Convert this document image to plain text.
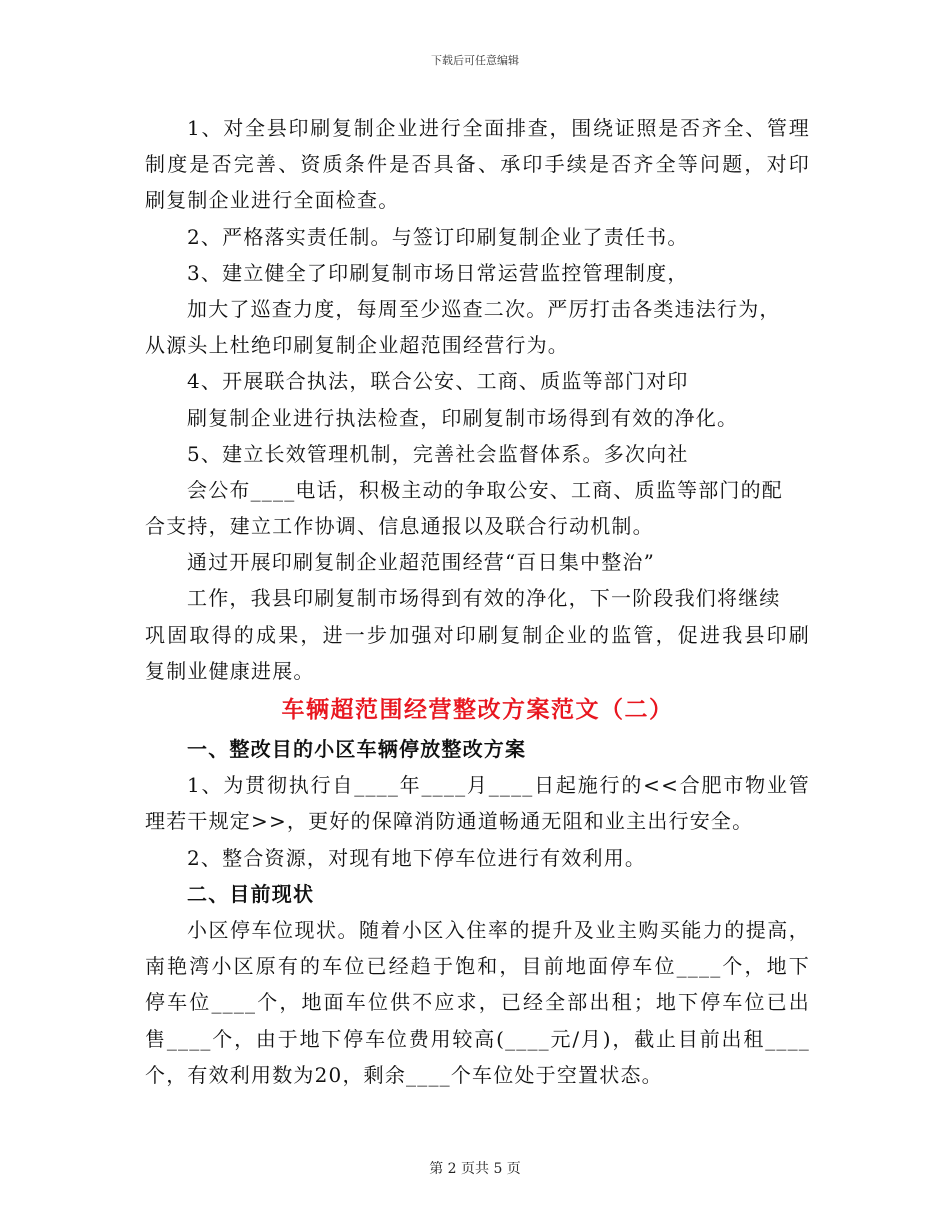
下载后可任意编辑
1、对全县印刷复制企业进行全面排查，围绕证照是否齐全、管理
制度是否完善、资质条件是否具备、承印手续是否齐全等问题，对印
刷复制企业进行全面检查。
2、严格落实责任制。与签订印刷复制企业了责任书。
3、建立健全了印刷复制市场日常运营监控管理制度，
加大了巡查力度，每周至少巡查二次。严厉打击各类违法行为，
从源头上杜绝印刷复制企业超范围经营行为。
4、开展联合执法，联合公安、工商、质监等部门对印
刷复制企业进行执法检查，印刷复制市场得到有效的净化。
5、建立长效管理机制，完善社会监督体系。多次向社
会公布____电话，积极主动的争取公安、工商、质监等部门的配
合支持，建立工作协调、信息通报以及联合行动机制。
通过开展印刷复制企业超范围经营“百日集中整治”
工作，我县印刷复制市场得到有效的净化，下一阶段我们将继续
巩固取得的成果，进一步加强对印刷复制企业的监管，促进我县印刷
复制业健康进展。
车辆超范围经营整改方案范文（二）
一、整改目的小区车辆停放整改方案
1、为贯彻执行自____年____月____日起施行的<<合肥市物业管
理若干规定>>，更好的保障消防通道畅通无阻和业主出行安全。
2、整合资源，对现有地下停车位进行有效利用。
二、目前现状
小区停车位现状。随着小区入住率的提升及业主购买能力的提高，
南艳湾小区原有的车位已经趋于饱和，目前地面停车位____个，地下
停车位____个，地面车位供不应求，已经全部出租；地下停车位已出
售____个，由于地下停车位费用较高(____元/月)，截止目前出租____
个，有效利用数为20，剩余____个车位处于空置状态。
第 2 页共 5 页
